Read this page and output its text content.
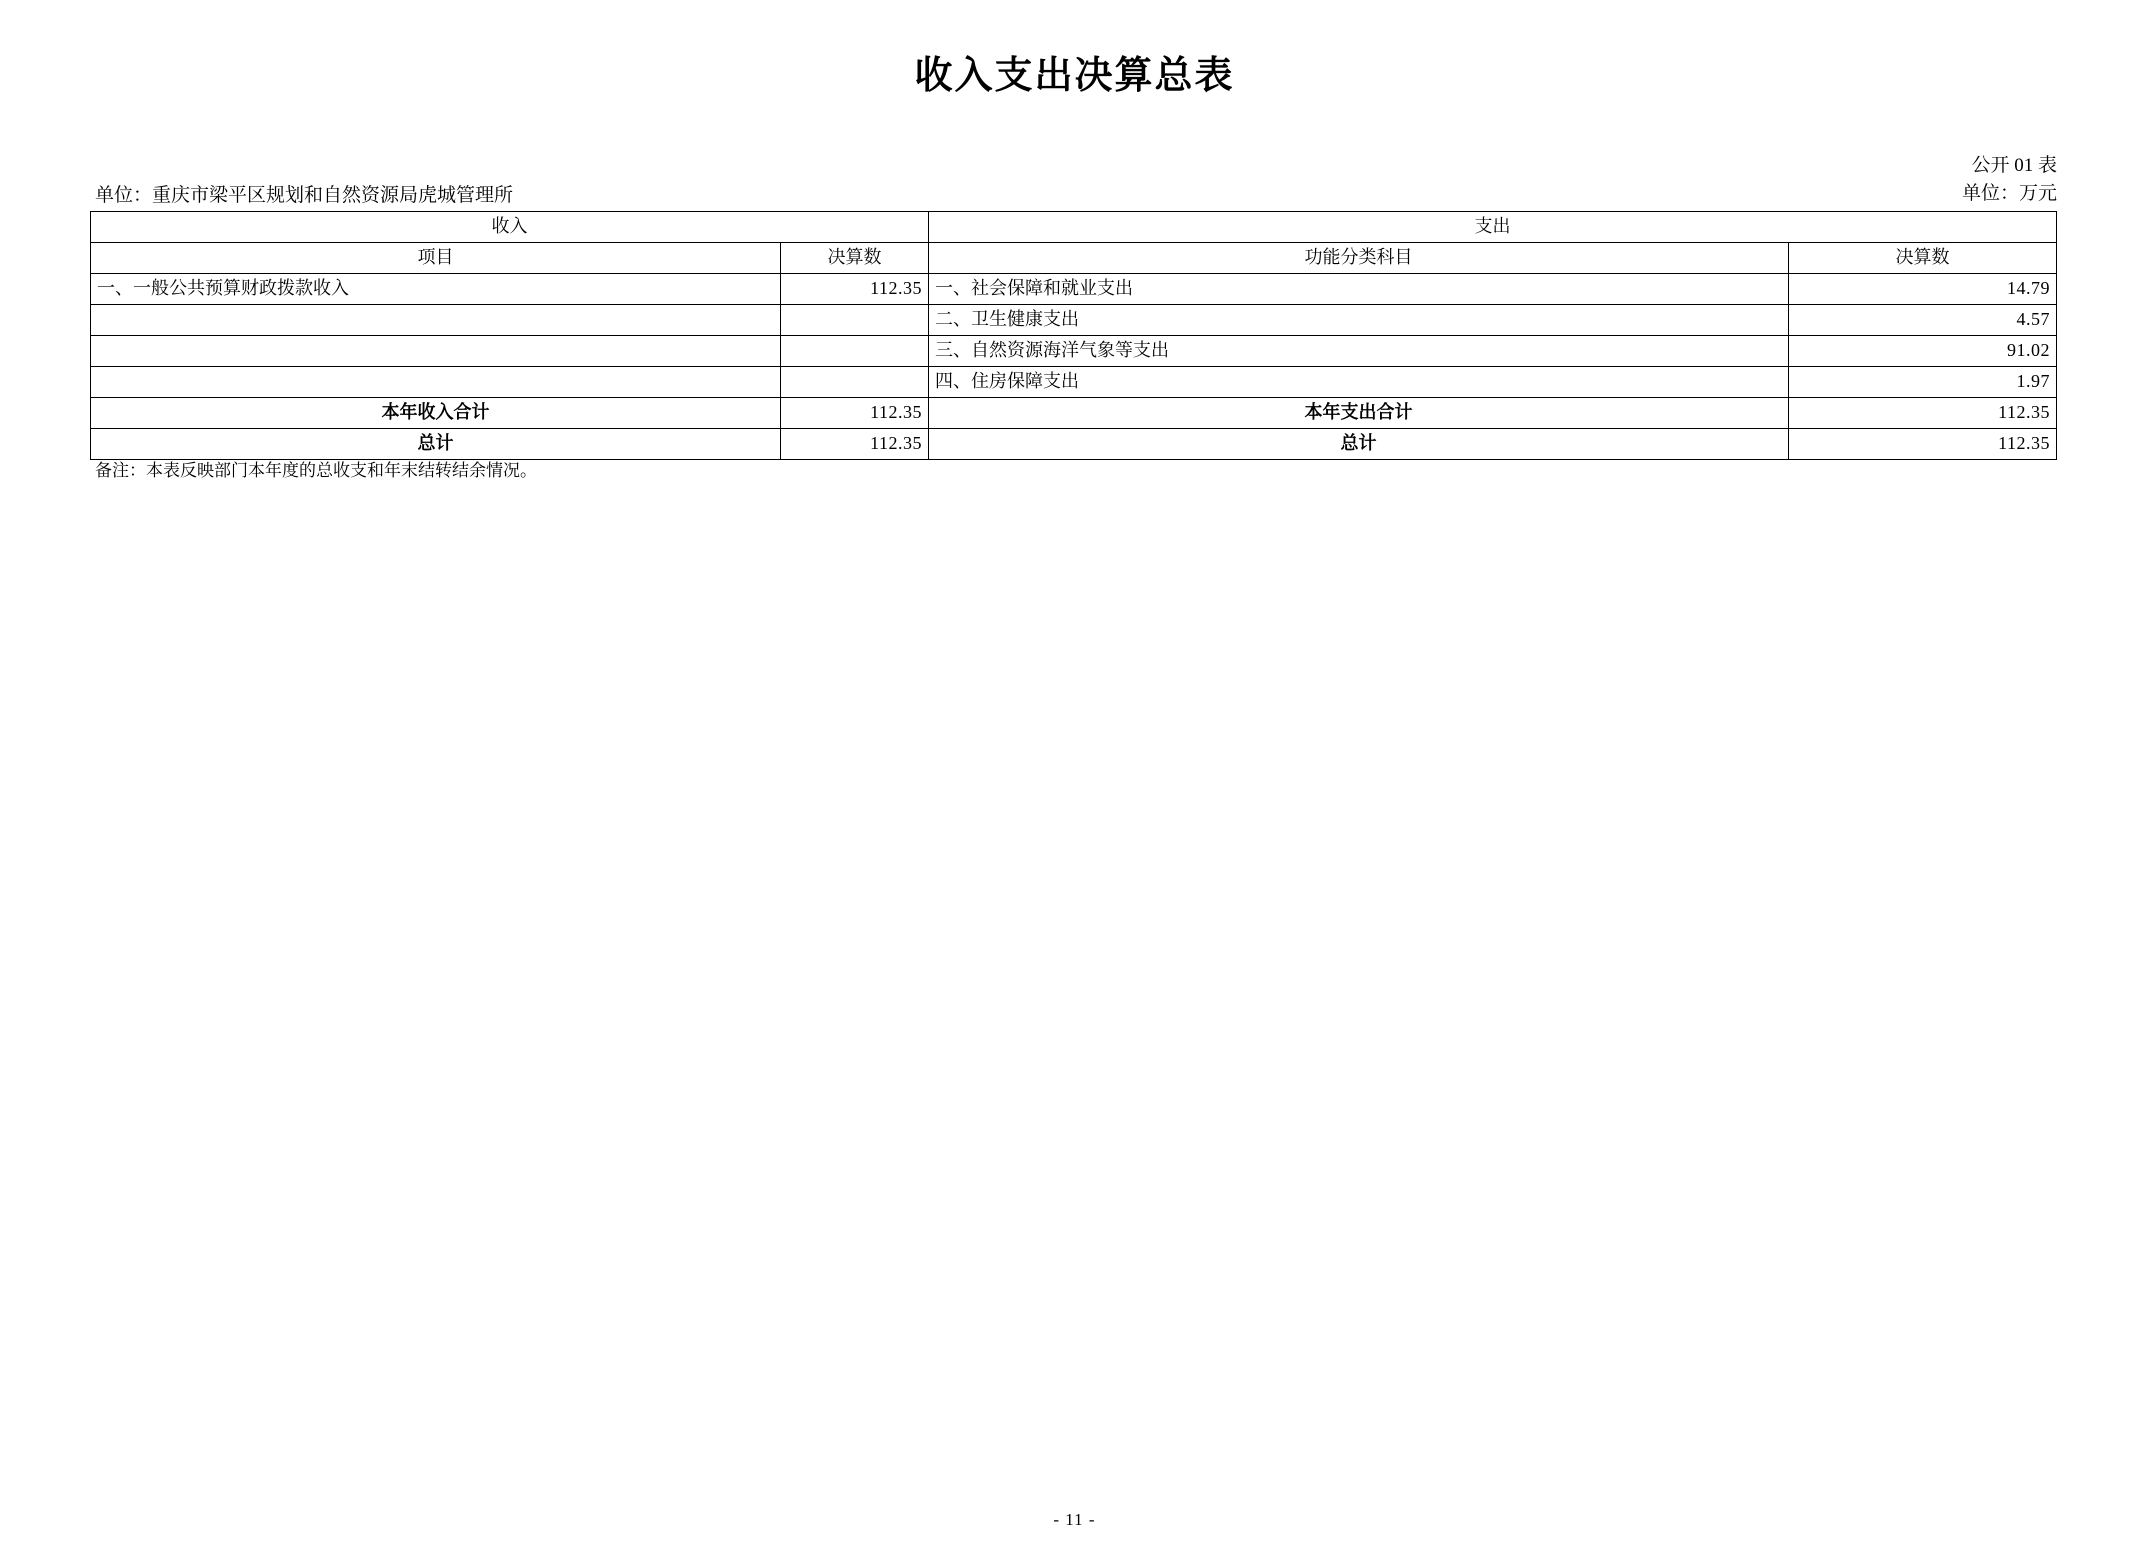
收入支出决算总表
公开 01 表
单位：万元
单位：重庆市梁平区规划和自然资源局虎城管理所
收入		支出	
项目	决算数	功能分类科目	决算数
一、一般公共预算财政拨款收入	112.35	一、社会保障和就业支出	14.79
		二、卫生健康支出	4.57
		三、自然资源海洋气象等支出	91.02
		四、住房保障支出	1.97
本年收入合计	112.35	本年支出合计	112.35
总计	112.35	总计	112.35
备注：本表反映部门本年度的总收支和年末结转结余情况。
- 11 -
